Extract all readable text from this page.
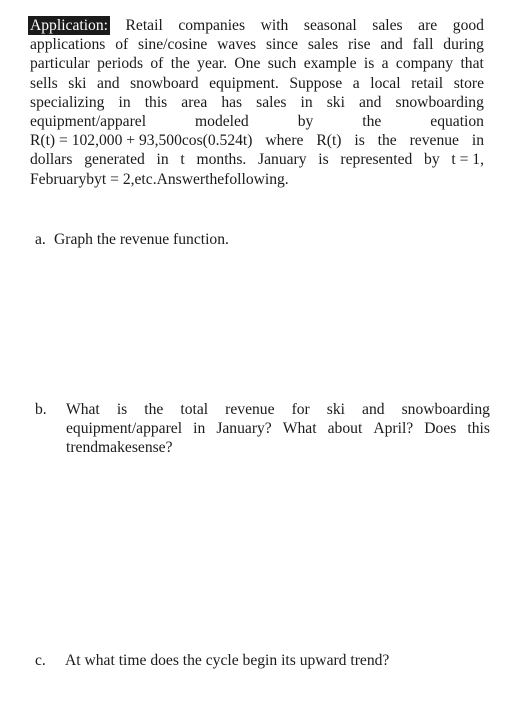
Application: Retail companies with seasonal sales are good
applications of sine/cosine waves since sales rise and fall during
particular periods of the year. One such example is a company that
sells ski and snowboard equipment. Suppose a local retail store
specializing in this area has sales in ski and snowboarding
equipment/apparel	modeled	by	the	equation
R(t) = 102,000 + 93,500cos(0.524t) where R(t) is the revenue in
dollars generated in t months. January is represented by t = 1,
February by t = 2, etc. Answer the following.
a. Graph the revenue function.
b. What is the total revenue for ski and snowboarding
equipment/apparel in January? What about April? Does this
trend make sense?
c. At what time does the cycle begin its upward trend?
